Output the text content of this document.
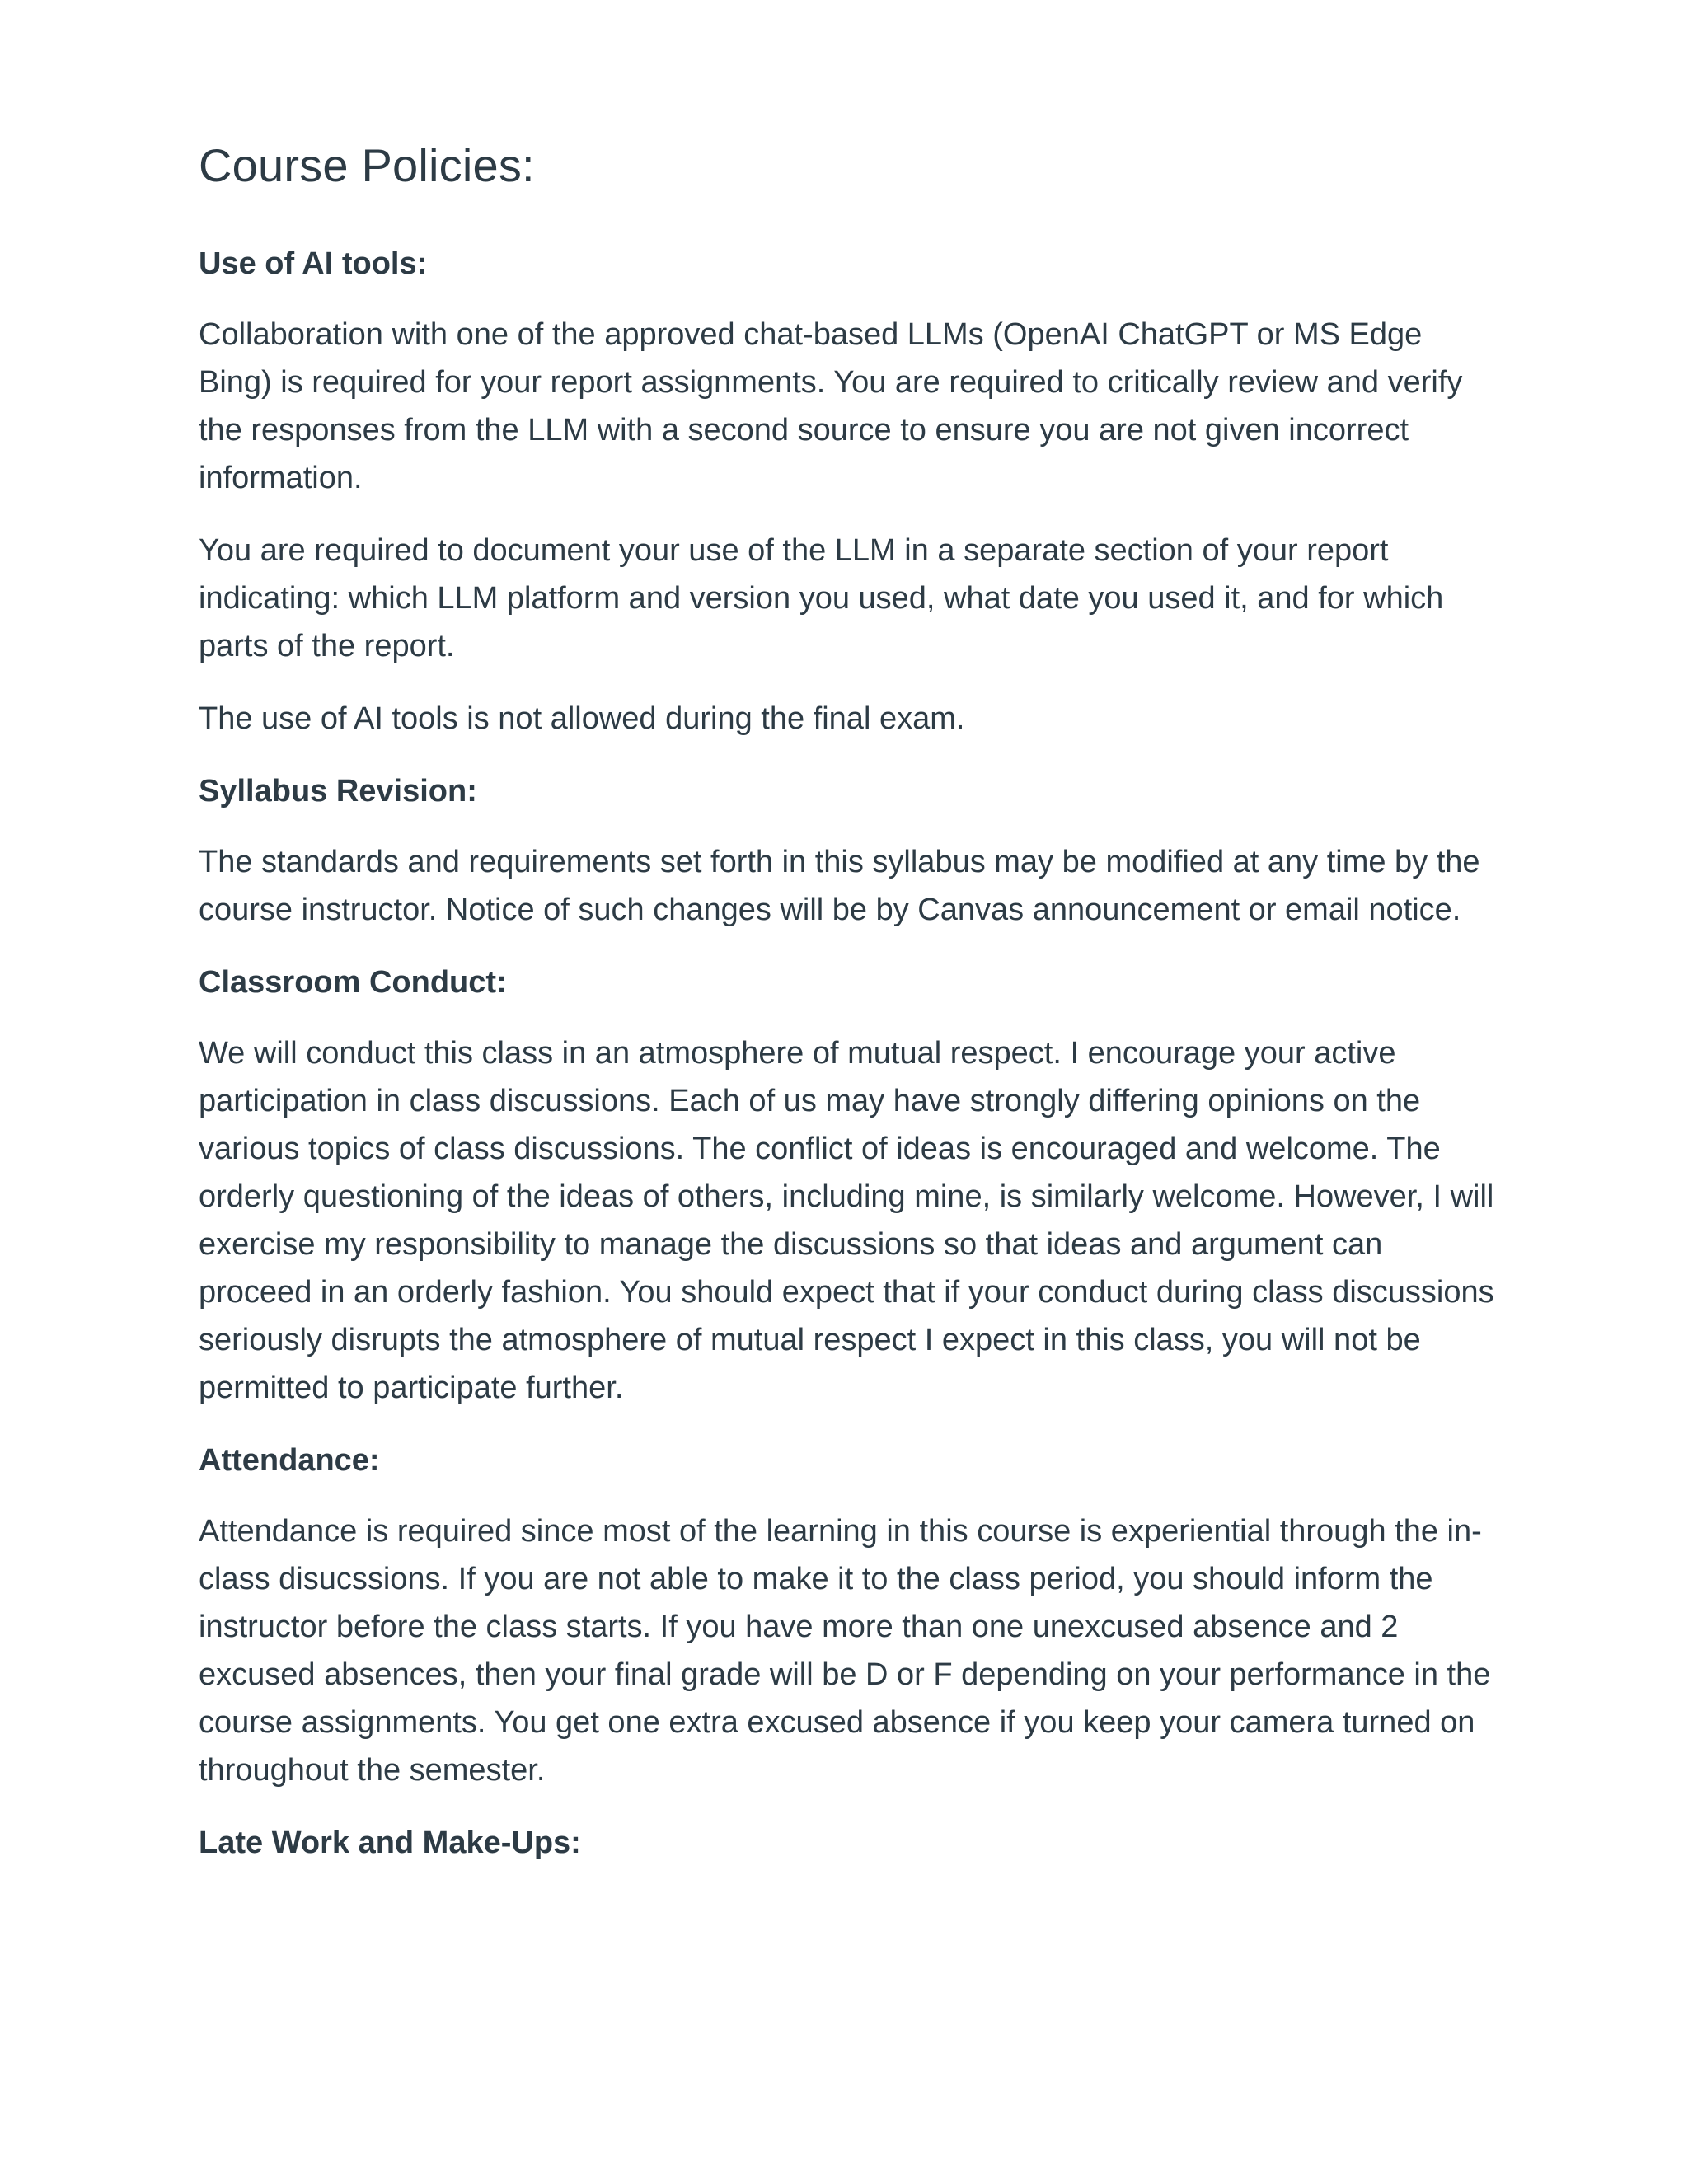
Course Policies:
Use of AI tools:

Collaboration with one of the approved chat-based LLMs (OpenAI ChatGPT or MS Edge Bing) is required for your report assignments. You are required to critically review and verify the responses from the LLM with a second source to ensure you are not given incorrect information.

You are required to document your use of the LLM in a separate section of your report indicating: which LLM platform and version you used, what date you used it, and for which parts of the report.

The use of AI tools is not allowed during the final exam.

Syllabus Revision:

The standards and requirements set forth in this syllabus may be modified at any time by the course instructor. Notice of such changes will be by Canvas announcement or email notice.

Classroom Conduct:

We will conduct this class in an atmosphere of mutual respect. I encourage your active participation in class discussions. Each of us may have strongly differing opinions on the various topics of class discussions. The conflict of ideas is encouraged and welcome. The orderly questioning of the ideas of others, including mine, is similarly welcome. However, I will exercise my responsibility to manage the discussions so that ideas and argument can proceed in an orderly fashion. You should expect that if your conduct during class discussions seriously disrupts the atmosphere of mutual respect I expect in this class, you will not be permitted to participate further.

Attendance:

Attendance is required since most of the learning in this course is experiential through the in-class disucssions. If you are not able to make it to the class period, you should inform the instructor before the class starts. If you have more than one unexcused absence and 2 excused absences, then your final grade will be D or F depending on your performance in the course assignments. You get one extra excused absence if you keep your camera turned on throughout the semester.

Late Work and Make-Ups:
